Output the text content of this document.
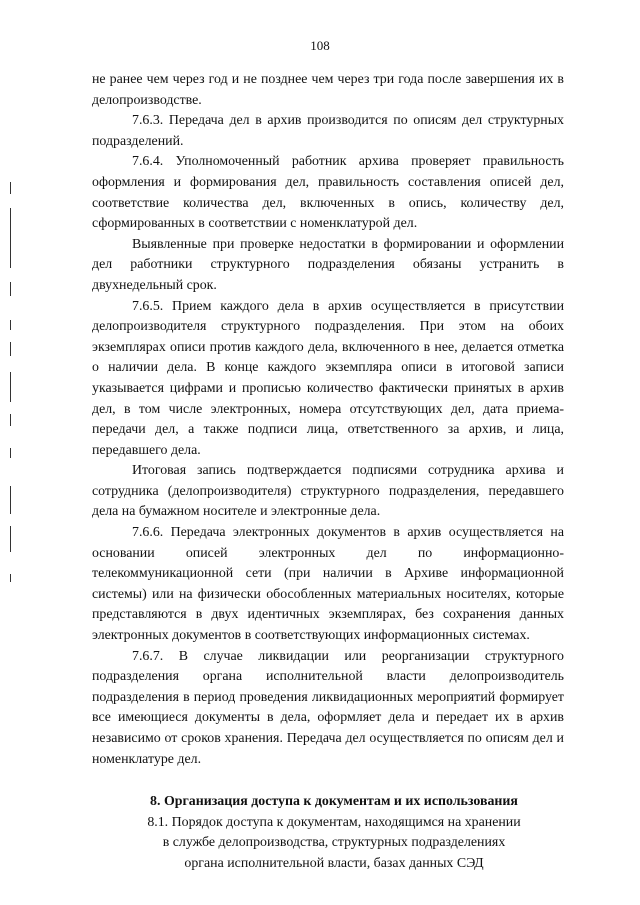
108

не ранее чем через год и не позднее чем через три года после завершения их в делопроизводстве.

7.6.3. Передача дел в архив производится по описям дел структурных подразделений.

7.6.4. Уполномоченный работник архива проверяет правильность оформления и формирования дел, правильность составления описей дел, соответствие количества дел, включенных в опись, количеству дел, сформированных в соответствии с номенклатурой дел.

Выявленные при проверке недостатки в формировании и оформлении дел работники структурного подразделения обязаны устранить в двухнедельный срок.

7.6.5. Прием каждого дела в архив осуществляется в присутствии делопроизводителя структурного подразделения. При этом на обоих экземплярах описи против каждого дела, включенного в нее, делается отметка о наличии дела. В конце каждого экземпляра описи в итоговой записи указывается цифрами и прописью количество фактически принятых в архив дел, в том числе электронных, номера отсутствующих дел, дата приема-передачи дел, а также подписи лица, ответственного за архив, и лица, передавшего дела.

Итоговая запись подтверждается подписями сотрудника архива и сотрудника (делопроизводителя) структурного подразделения, передавшего дела на бумажном носителе и электронные дела.

7.6.6. Передача электронных документов в архив осуществляется на основании описей электронных дел по информационно-телекоммуникационной сети (при наличии в Архиве информационной системы) или на физически обособленных материальных носителях, которые представляются в двух идентичных экземплярах, без сохранения данных электронных документов в соответствующих информационных системах.

7.6.7. В случае ликвидации или реорганизации структурного подразделения органа исполнительной власти делопроизводитель подразделения в период проведения ликвидационных мероприятий формирует все имеющиеся документы в дела, оформляет дела и передает их в архив независимо от сроков хранения. Передача дел осуществляется по описям дел и номенклатуре дел.

8. Организация доступа к документам и их использования

8.1. Порядок доступа к документам, находящимся на хранении
в службе делопроизводства, структурных подразделениях
органа исполнительной власти, базах данных СЭД
